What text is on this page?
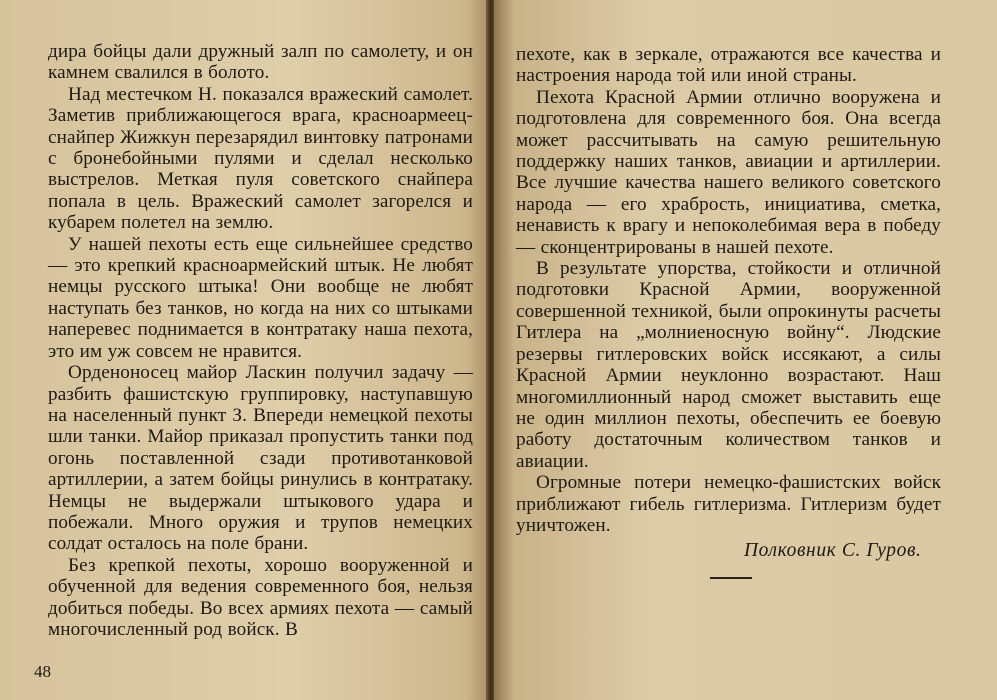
дира бойцы дали дружный залп по самолету, и он камнем свалился в болото.

Над местечком Н. показался вражеский самолет. Заметив приближающегося врага, красноармеец-снайпер Жижкун перезарядил винтовку патронами с бронебойными пулями и сделал несколько выстрелов. Меткая пуля советского снайпера попала в цель. Вражеский самолет загорелся и кубарем полетел на землю.

У нашей пехоты есть еще сильнейшее средство — это крепкий красноармейский штык. Не любят немцы русского штыка! Они вообще не любят наступать без танков, но когда на них со штыками наперевес поднимается в контратаку наша пехота, это им уж совсем не нравится.

Орденоносец майор Ласкин получил задачу — разбить фашистскую группировку, наступавшую на населенный пункт З. Впереди немецкой пехоты шли танки. Майор приказал пропустить танки под огонь поставленной сзади противотанковой артиллерии, а затем бойцы ринулись в контратаку. Немцы не выдержали штыкового удара и побежали. Много оружия и трупов немецких солдат осталось на поле брани.

Без крепкой пехоты, хорошо вооруженной и обученной для ведения современного боя, нельзя добиться победы. Во всех армиях пехота — самый многочисленный род войск. В

48

пехоте, как в зеркале, отражаются все качества и настроения народа той или иной страны.

Пехота Красной Армии отлично вооружена и подготовлена для современного боя. Она всегда может рассчитывать на самую решительную поддержку наших танков, авиации и артиллерии. Все лучшие качества нашего великого советского народа — его храбрость, инициатива, сметка, ненависть к врагу и непоколебимая вера в победу — сконцентрированы в нашей пехоте.

В результате упорства, стойкости и отличной подготовки Красной Армии, вооруженной совершенной техникой, были опрокинуты расчеты Гитлера на „молниеносную войну“. Людские резервы гитлеровских войск иссякают, а силы Красной Армии неуклонно возрастают. Наш многомиллионный народ сможет выставить еще не один миллион пехоты, обеспечить ее боевую работу достаточным количеством танков и авиации.

Огромные потери немецко-фашистских войск приближают гибель гитлеризма. Гитлеризм будет уничтожен.

Полковник С. Гуров.
